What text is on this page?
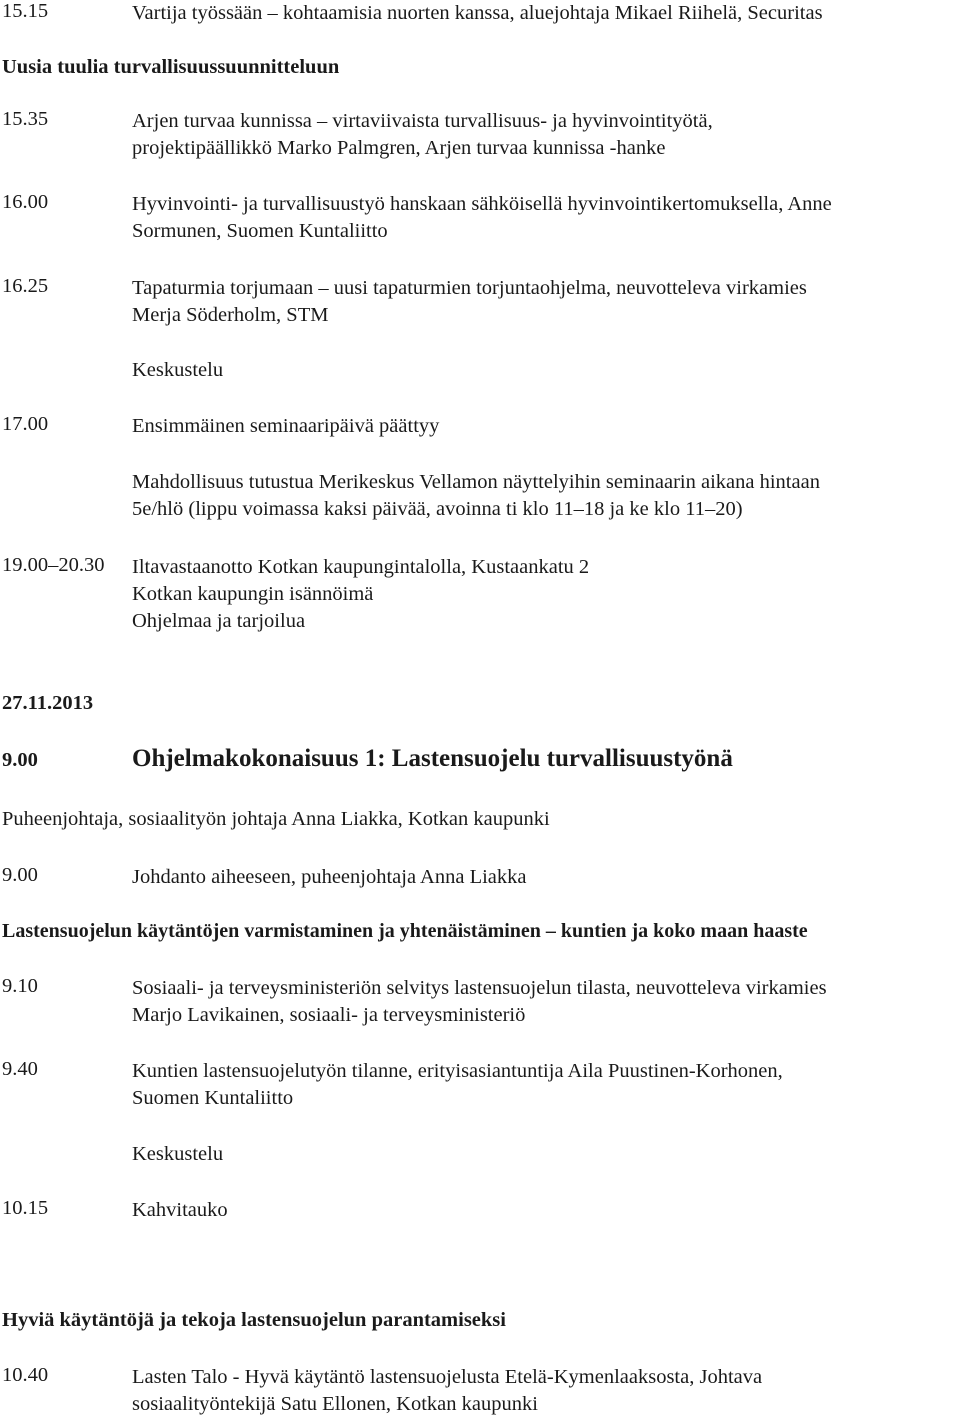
15.15	Vartija työssään – kohtaamisia nuorten kanssa, aluejohtaja Mikael Riihelä, Securitas
Uusia tuulia turvallisuussuunnitteluun
15.35	Arjen turvaa kunnissa – virtaviivaista turvallisuus- ja hyvinvointityötä,
projektipäällikkö Marko Palmgren, Arjen turvaa kunnissa -hanke
16.00	Hyvinvointi- ja turvallisuustyö hanskaan sähköisellä hyvinvointikertomuksella, Anne
Sormunen, Suomen Kuntaliitto
16.25	Tapaturmia torjumaan – uusi tapaturmien torjuntaohjelma, neuvotteleva virkamies
Merja Söderholm, STM
Keskustelu
17.00	Ensimmäinen seminaaripäivä päättyy
Mahdollisuus tutustua Merikeskus Vellamon näyttelyihin seminaarin aikana hintaan
5e/hlö (lippu voimassa kaksi päivää, avoinna ti klo 11–18 ja ke klo 11–20)
19.00–20.30 Iltavastaanotto Kotkan kaupungintalolla, Kustaankatu 2
Kotkan kaupungin isännöimä
Ohjelmaa ja tarjoilua
27.11.2013
9.00	Ohjelmakokonaisuus 1: Lastensuojelu turvallisuustyönä
Puheenjohtaja, sosiaalityön johtaja Anna Liakka, Kotkan kaupunki
9.00	Johdanto aiheeseen, puheenjohtaja Anna Liakka
Lastensuojelun käytäntöjen varmistaminen ja yhtenäistäminen – kuntien ja koko maan haaste
9.10	Sosiaali- ja terveysministeriön selvitys lastensuojelun tilasta, neuvotteleva virkamies
Marjo Lavikainen, sosiaali- ja terveysministeriö
9.40	Kuntien lastensuojelutyön tilanne, erityisasiantuntija Aila Puustinen-Korhonen,
Suomen Kuntaliitto
Keskustelu
10.15	Kahvitauko
Hyviä käytäntöjä ja tekoja lastensuojelun parantamiseksi
10.40	Lasten Talo - Hyvä käytäntö lastensuojelusta Etelä-Kymenlaaksosta, Johtava
sosiaalityöntekijä Satu Ellonen, Kotkan kaupunki
